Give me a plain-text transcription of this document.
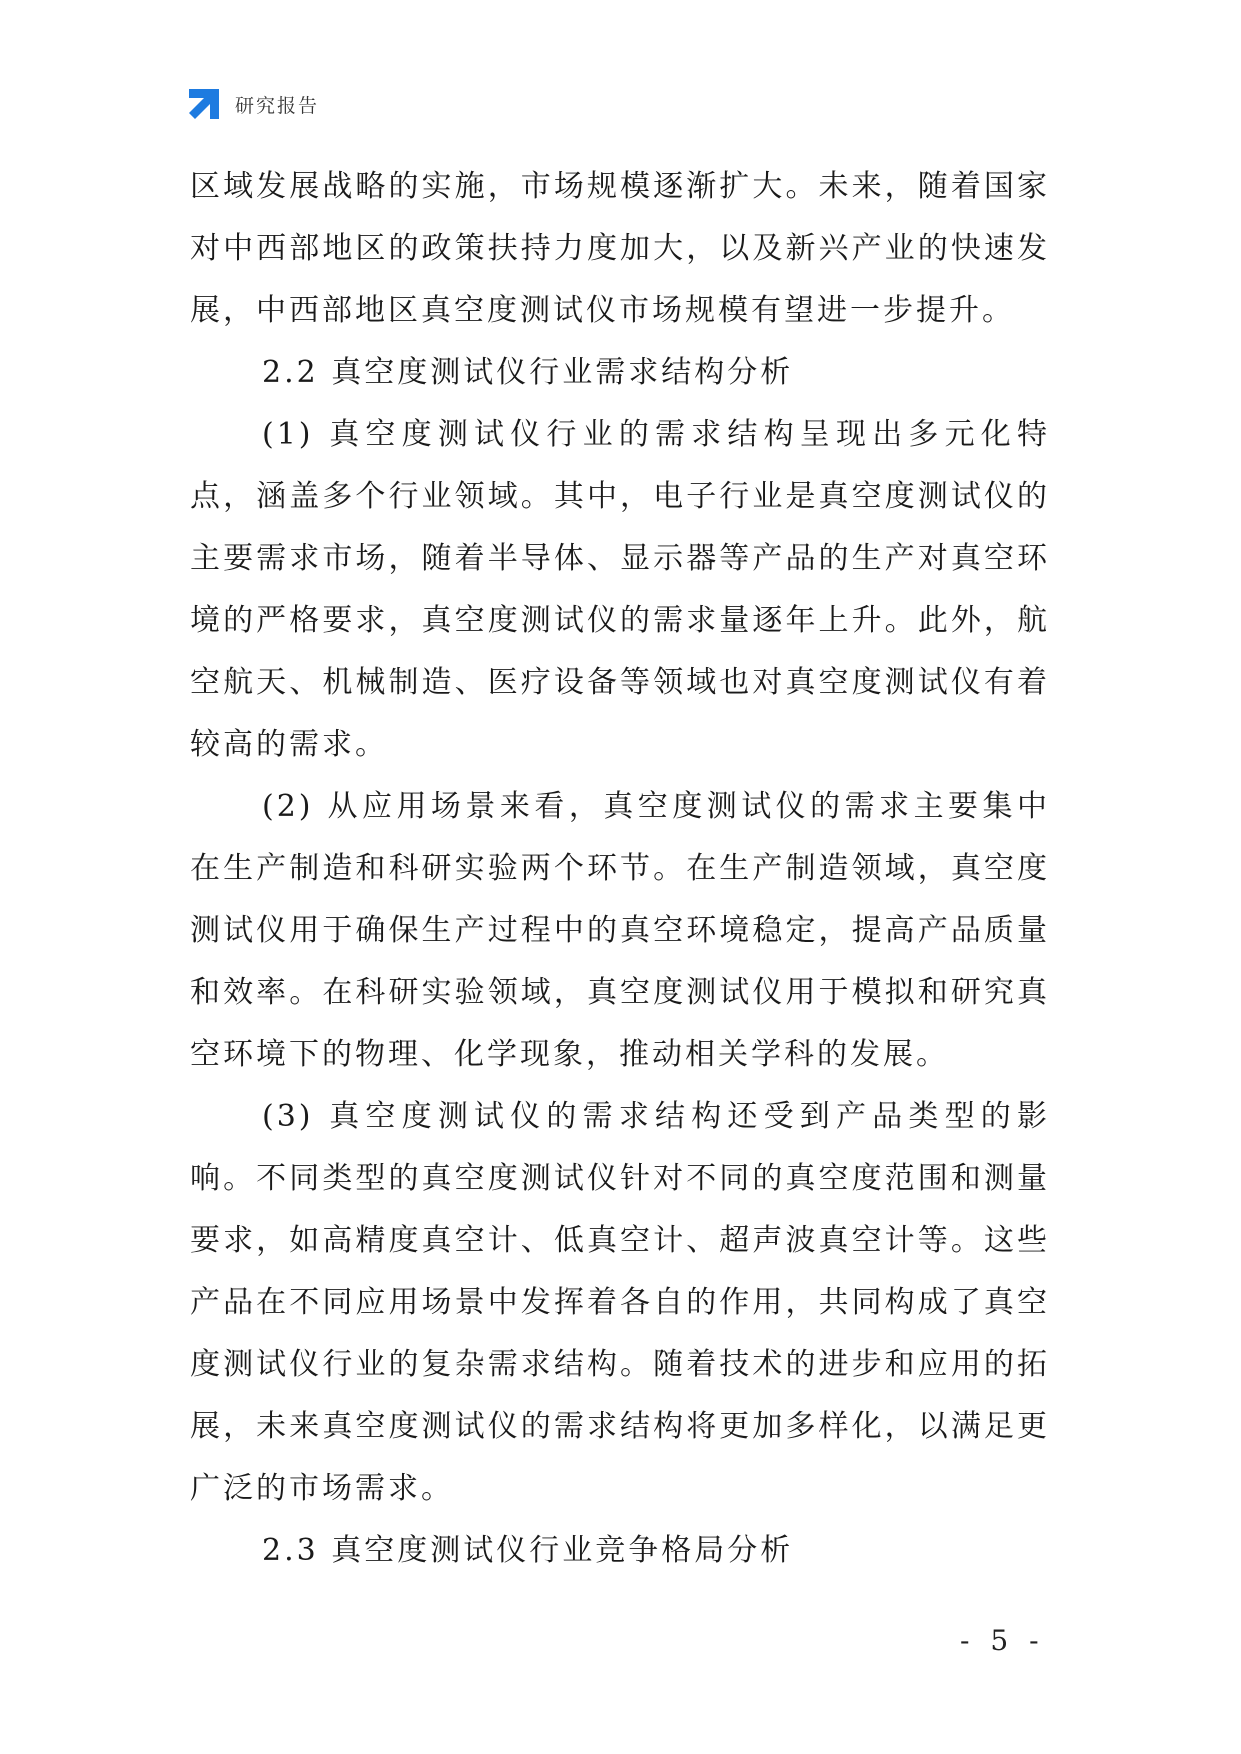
研究报告

区域发展战略的实施，市场规模逐渐扩大。未来，随着国家对中西部地区的政策扶持力度加大，以及新兴产业的快速发展，中西部地区真空度测试仪市场规模有望进一步提升。

2.2 真空度测试仪行业需求结构分析

(1) 真空度测试仪行业的需求结构呈现出多元化特点，涵盖多个行业领域。其中，电子行业是真空度测试仪的主要需求市场，随着半导体、显示器等产品的生产对真空环境的严格要求，真空度测试仪的需求量逐年上升。此外，航空航天、机械制造、医疗设备等领域也对真空度测试仪有着较高的需求。

(2) 从应用场景来看，真空度测试仪的需求主要集中在生产制造和科研实验两个环节。在生产制造领域，真空度测试仪用于确保生产过程中的真空环境稳定，提高产品质量和效率。在科研实验领域，真空度测试仪用于模拟和研究真空环境下的物理、化学现象，推动相关学科的发展。

(3) 真空度测试仪的需求结构还受到产品类型的影响。不同类型的真空度测试仪针对不同的真空度范围和测量要求，如高精度真空计、低真空计、超声波真空计等。这些产品在不同应用场景中发挥着各自的作用，共同构成了真空度测试仪行业的复杂需求结构。随着技术的进步和应用的拓展，未来真空度测试仪的需求结构将更加多样化，以满足更广泛的市场需求。

2.3 真空度测试仪行业竞争格局分析

- 5 -
